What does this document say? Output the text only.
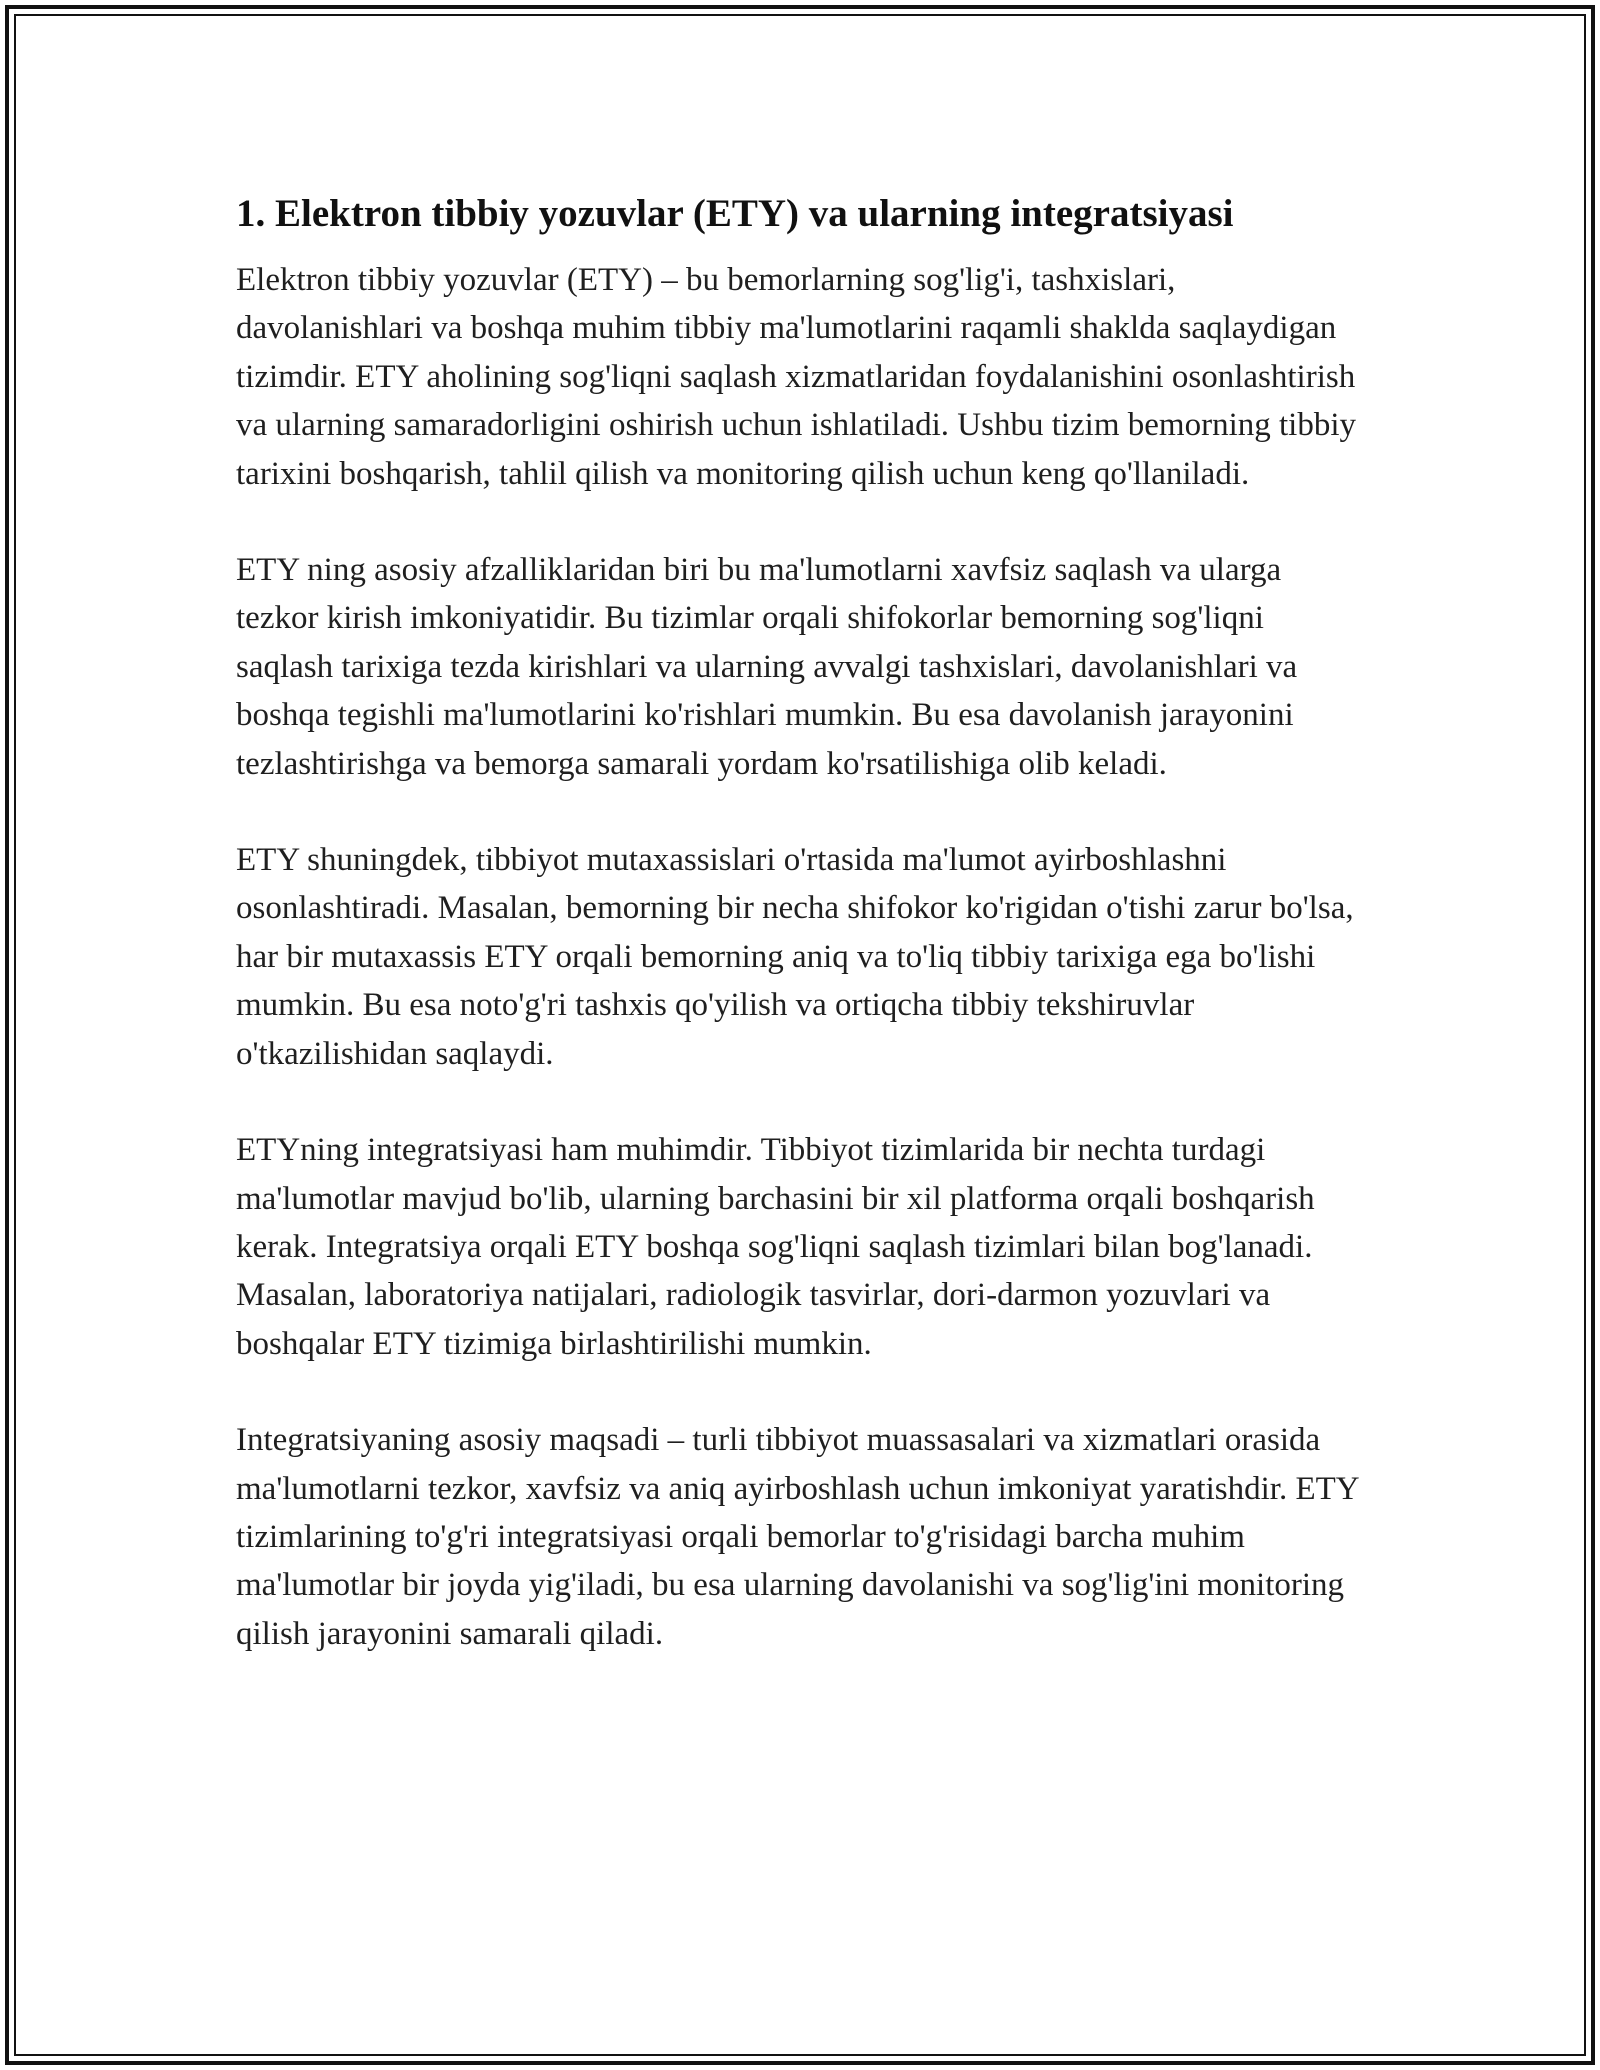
1. Elektron tibbiy yozuvlar (ETY) va ularning integratsiyasi

Elektron tibbiy yozuvlar (ETY) – bu bemorlarning sog'lig'i, tashxislari, davolanishlari va boshqa muhim tibbiy ma'lumotlarini raqamli shaklda saqlaydigan tizimdir. ETY aholining sog'liqni saqlash xizmatlaridan foydalanishini osonlashtirish va ularning samaradorligini oshirish uchun ishlatiladi. Ushbu tizim bemorning tibbiy tarixini boshqarish, tahlil qilish va monitoring qilish uchun keng qo'llaniladi.

ETY ning asosiy afzalliklaridan biri bu ma'lumotlarni xavfsiz saqlash va ularga tezkor kirish imkoniyatidir. Bu tizimlar orqali shifokorlar bemorning sog'liqni saqlash tarixiga tezda kirishlari va ularning avvalgi tashxislari, davolanishlari va boshqa tegishli ma'lumotlarini ko'rishlari mumkin. Bu esa davolanish jarayonini tezlashtirishga va bemorga samarali yordam ko'rsatilishiga olib keladi.

ETY shuningdek, tibbiyot mutaxassislari o'rtasida ma'lumot ayirboshlashni osonlashtiradi. Masalan, bemorning bir necha shifokor ko'rigidan o'tishi zarur bo'lsa, har bir mutaxassis ETY orqali bemorning aniq va to'liq tibbiy tarixiga ega bo'lishi mumkin. Bu esa noto'g'ri tashxis qo'yilish va ortiqcha tibbiy tekshiruvlar o'tkazilishidan saqlaydi.

ETYning integratsiyasi ham muhimdir. Tibbiyot tizimlarida bir nechta turdagi ma'lumotlar mavjud bo'lib, ularning barchasini bir xil platforma orqali boshqarish kerak. Integratsiya orqali ETY boshqa sog'liqni saqlash tizimlari bilan bog'lanadi. Masalan, laboratoriya natijalari, radiologik tasvirlar, dori-darmon yozuvlari va boshqalar ETY tizimiga birlashtirilishi mumkin.

Integratsiyaning asosiy maqsadi – turli tibbiyot muassasalari va xizmatlari orasida ma'lumotlarni tezkor, xavfsiz va aniq ayirboshlash uchun imkoniyat yaratishdir. ETY tizimlarining to'g'ri integratsiyasi orqali bemorlar to'g'risidagi barcha muhim ma'lumotlar bir joyda yig'iladi, bu esa ularning davolanishi va sog'lig'ini monitoring qilish jarayonini samarali qiladi.
